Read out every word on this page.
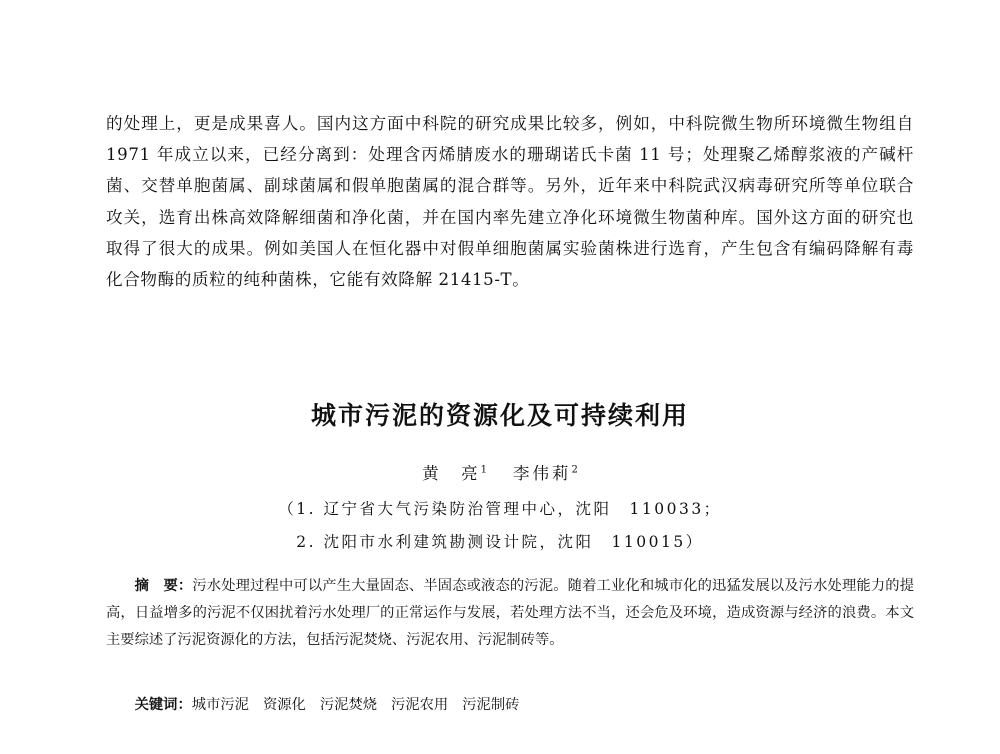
的处理上，更是成果喜人。国内这方面中科院的研究成果比较多，例如，中科院微生物所环境微生物组自 1971 年成立以来，已经分离到：处理含丙烯腈废水的珊瑚诺氏卡菌 11 号；处理聚乙烯醇浆液的产碱杆菌、交替单胞菌属、副球菌属和假单胞菌属的混合群等。另外，近年来中科院武汉病毒研究所等单位联合攻关，选育出株高效降解细菌和净化菌，并在国内率先建立净化环境微生物菌种库。国外这方面的研究也取得了很大的成果。例如美国人在恒化器中对假单细胞菌属实验菌株进行选育，产生包含有编码降解有毒化合物酶的质粒的纯种菌株，它能有效降解 21415-T。

城市污泥的资源化及可持续利用
黄　亮$^1$ 李伟莉$^2$
（1. 辽宁省大气污染防治管理中心，沈阳　110033；
2. 沈阳市水利建筑勘测设计院，沈阳　110015）

摘　要：污水处理过程中可以产生大量固态、半固态或液态的污泥。随着工业化和城市化的迅猛发展以及污水处理能力的提高，日益增多的污泥不仅困扰着污水处理厂的正常运作与发展，若处理方法不当，还会危及环境，造成资源与经济的浪费。本文主要综述了污泥资源化的方法，包括污泥焚烧、污泥农用、污泥制砖等。

关键词：城市污泥 资源化 污泥焚烧 污泥农用 污泥制砖
